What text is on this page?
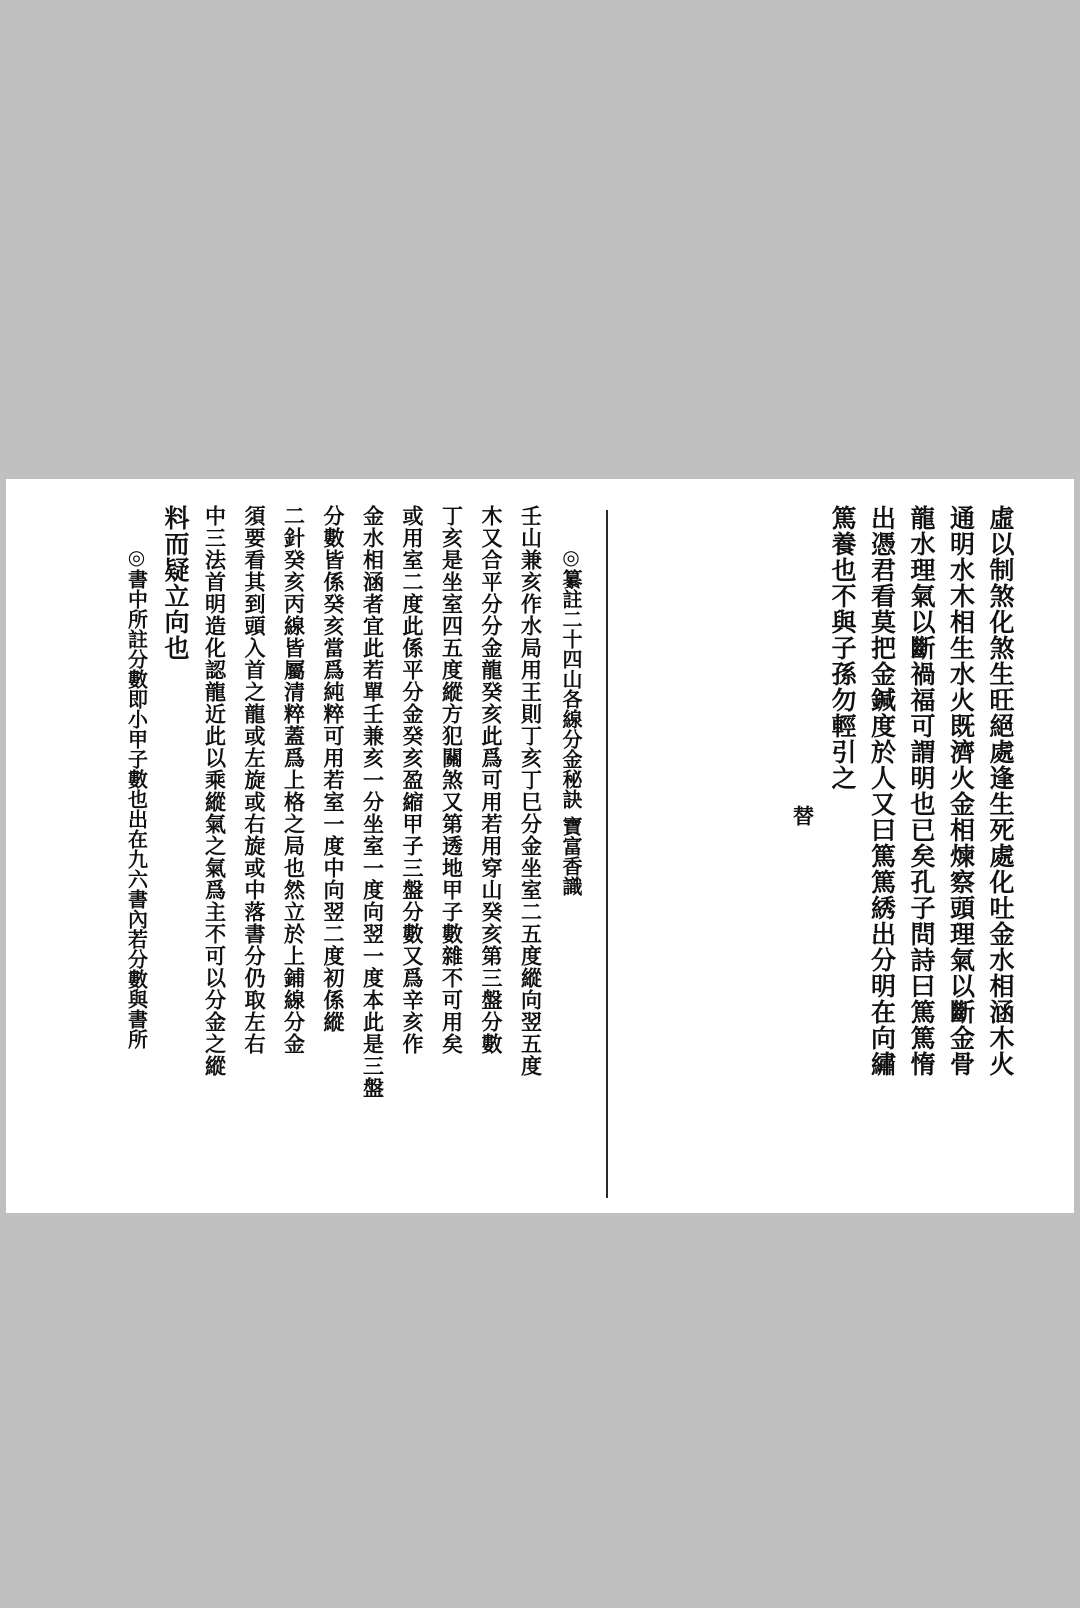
虛以制煞化煞生旺絕處逢生死處化吐金水相涵木火
通明水木相生水火既濟火金相煉察頭理氣以斷金骨
龍水理氣以斷禍福可謂明也已矣孔子問詩曰篤篤惰
出憑君看莫把金鍼度於人又曰篤篤綉出分明在向繡
篤養也不與子孫勿輕引之
替
◎纂註二十四山各線分金秘訣 寶富香識
壬山兼亥作水局用王則丁亥丁巳分金坐室二五度縱向翌五度
木又合平分分金龍癸亥此爲可用若用穿山癸亥第三盤分數
丁亥是坐室四五度縱方犯關煞又第透地甲子數雜不可用矣
或用室二度此係平分金癸亥盈縮甲子三盤分數又爲辛亥作
金水相涵者宜此若單壬兼亥一分坐室一度向翌一度本此是三盤
分數皆係癸亥當爲純粹可用若室一度中向翌二度初係縱
二針癸亥丙線皆屬清粹蓋爲上格之局也然立於上鋪線分金
須要看其到頭入首之龍或左旋或右旋或中落書分仍取左右
中三法首明造化認龍近此以乘縱氣之氣爲主不可以分金之縱
料而疑立向也
◎書中所註分數即小甲子數也出在九六書內若分數與書所
